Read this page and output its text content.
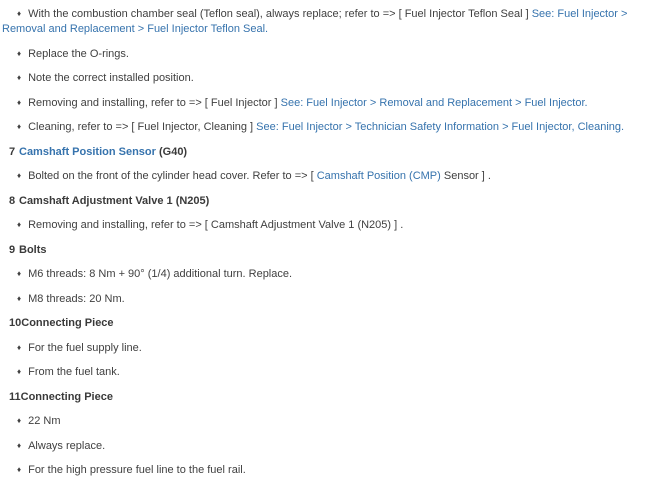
♦ With the combustion chamber seal (Teflon seal), always replace; refer to => [ Fuel Injector Teflon Seal ] See: Fuel Injector > Removal and Replacement > Fuel Injector Teflon Seal.
♦ Replace the O-rings.
♦ Note the correct installed position.
♦ Removing and installing, refer to => [ Fuel Injector ] See: Fuel Injector > Removal and Replacement > Fuel Injector.
♦ Cleaning, refer to => [ Fuel Injector, Cleaning ] See: Fuel Injector > Technician Safety Information > Fuel Injector, Cleaning.
7 Camshaft Position Sensor (G40)
♦ Bolted on the front of the cylinder head cover. Refer to => [ Camshaft Position (CMP) Sensor ] .
8 Camshaft Adjustment Valve 1 (N205)
♦ Removing and installing, refer to => [ Camshaft Adjustment Valve 1 (N205) ] .
9 Bolts
♦ M6 threads: 8 Nm + 90° (1/4) additional turn. Replace.
♦ M8 threads: 20 Nm.
10Connecting Piece
♦ For the fuel supply line.
♦ From the fuel tank.
11Connecting Piece
♦ 22 Nm
♦ Always replace.
♦ For the high pressure fuel line to the fuel rail.
